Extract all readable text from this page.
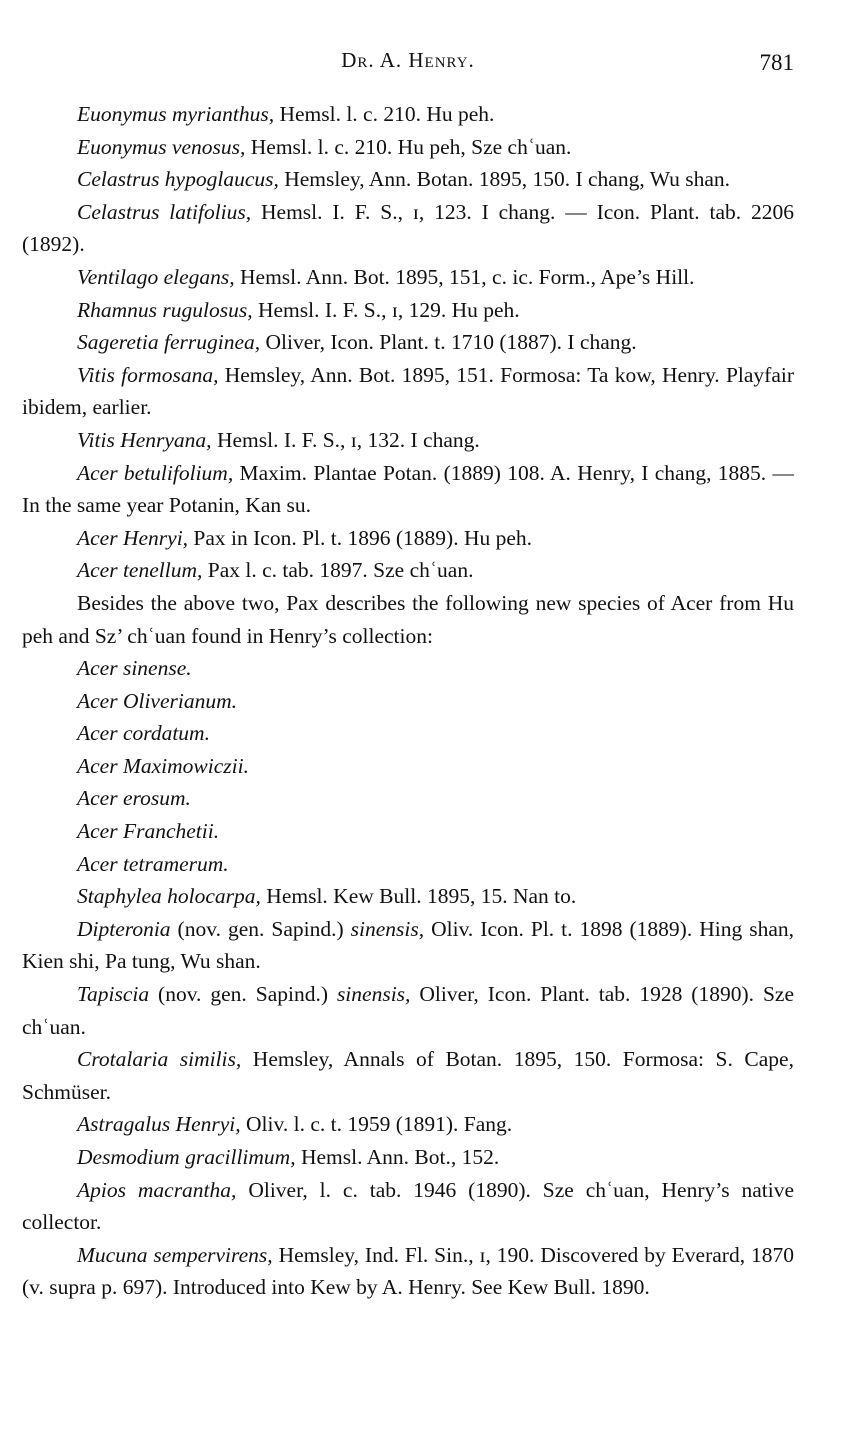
Dr. A. Henry.	781

Euonymus myrianthus, Hemsl. l. c. 210. Hu peh.

Euonymus venosus, Hemsl. l. c. 210. Hu peh, Sze chʿuan.

Celastrus hypoglaucus, Hemsley, Ann. Botan. 1895, 150. I chang, Wu shan.

Celastrus latifolius, Hemsl. I. F. S., ɪ, 123. I chang. — Icon. Plant. tab. 2206 (1892).

Ventilago elegans, Hemsl. Ann. Bot. 1895, 151, c. ic. Form., Ape’s Hill.

Rhamnus rugulosus, Hemsl. I. F. S., ɪ, 129. Hu peh.

Sageretia ferruginea, Oliver, Icon. Plant. t. 1710 (1887). I chang.

Vitis formosana, Hemsley, Ann. Bot. 1895, 151. Formosa: Ta kow, Henry. Playfair ibidem, earlier.

Vitis Henryana, Hemsl. I. F. S., ɪ, 132. I chang.

Acer betulifolium, Maxim. Plantae Potan. (1889) 108. A. Henry, I chang, 1885. — In the same year Potanin, Kan su.

Acer Henryi, Pax in Icon. Pl. t. 1896 (1889). Hu peh.

Acer tenellum, Pax l. c. tab. 1897. Sze chʿuan.

Besides the above two, Pax describes the following new species of Acer from Hu peh and Sz’ chʿuan found in Henry’s collection:

Acer sinense.

Acer Oliverianum.

Acer cordatum.

Acer Maximowiczii.

Acer erosum.

Acer Franchetii.

Acer tetramerum.

Staphylea holocarpa, Hemsl. Kew Bull. 1895, 15. Nan to.

Dipteronia (nov. gen. Sapind.) sinensis, Oliv. Icon. Pl. t. 1898 (1889). Hing shan, Kien shi, Pa tung, Wu shan.

Tapiscia (nov. gen. Sapind.) sinensis, Oliver, Icon. Plant. tab. 1928 (1890). Sze chʿuan.

Crotalaria similis, Hemsley, Annals of Botan. 1895, 150. Formosa: S. Cape, Schmüser.

Astragalus Henryi, Oliv. l. c. t. 1959 (1891). Fang.

Desmodium gracillimum, Hemsl. Ann. Bot., 152.

Apios macrantha, Oliver, l. c. tab. 1946 (1890). Sze chʿuan, Henry’s native collector.

Mucuna sempervirens, Hemsley, Ind. Fl. Sin., ɪ, 190. Discovered by Everard, 1870 (v. supra p. 697). Introduced into Kew by A. Henry. See Kew Bull. 1890.
